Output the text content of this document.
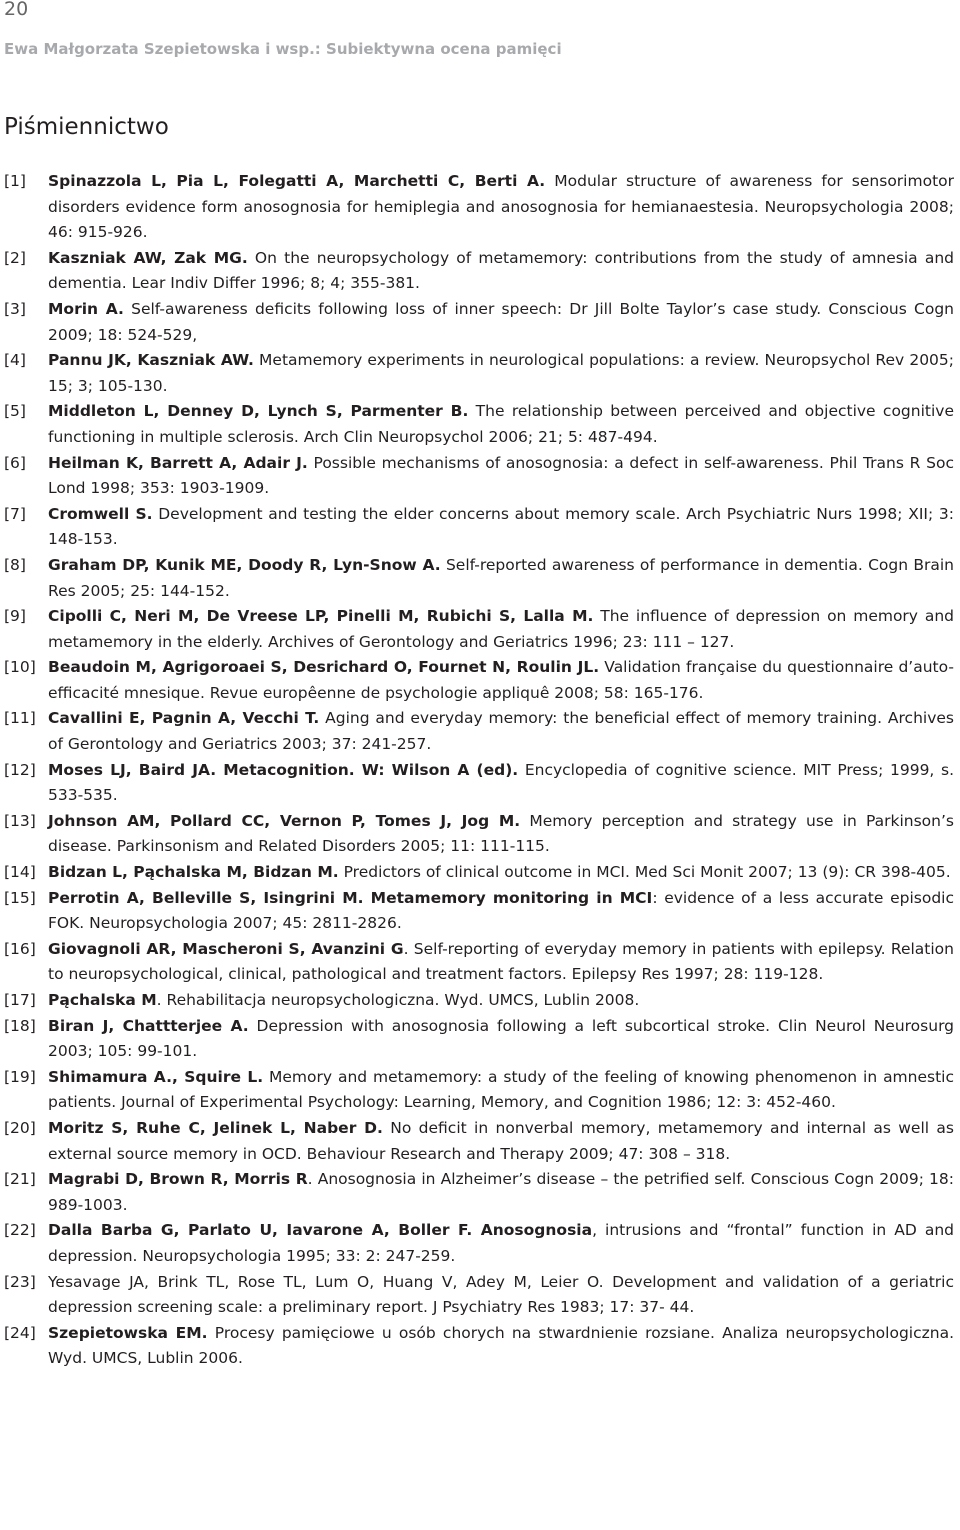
20
Ewa Małgorzata Szepietowska i wsp.: Subiektywna ocena pamięci
Piśmiennictwo
[1] Spinazzola L, Pia L, Folegatti A, Marchetti C, Berti A. Modular structure of awareness for sensorimotor disorders evidence form anosognosia for hemiplegia and anosognosia for hemianaestesia. Neuropsychologia 2008; 46: 915-926.
[2] Kaszniak AW, Zak MG. On the neuropsychology of metamemory: contributions from the study of amnesia and dementia. Lear Indiv Differ 1996; 8; 4; 355-381.
[3] Morin A. Self-awareness deficits following loss of inner speech: Dr Jill Bolte Taylor’s case study. Conscious Cogn 2009; 18: 524-529,
[4] Pannu JK, Kaszniak AW. Metamemory experiments in neurological populations: a review. Neuropsychol Rev 2005; 15; 3; 105-130.
[5] Middleton L, Denney D, Lynch S, Parmenter B. The relationship between perceived and objective cognitive functioning in multiple sclerosis. Arch Clin Neuropsychol 2006; 21; 5: 487-494.
[6] Heilman K, Barrett A, Adair J. Possible mechanisms of anosognosia: a defect in self-awareness. Phil Trans R Soc Lond 1998; 353: 1903-1909.
[7] Cromwell S. Development and testing the elder concerns about memory scale. Arch Psychiatric Nurs 1998; XII; 3: 148-153.
[8] Graham DP, Kunik ME, Doody R, Lyn-Snow A. Self-reported awareness of performance in dementia. Cogn Brain Res 2005; 25: 144-152.
[9] Cipolli C, Neri M, De Vreese LP, Pinelli M, Rubichi S, Lalla M. The influence of depression on memory and metamemory in the elderly. Archives of Gerontology and Geriatrics 1996; 23: 111 – 127.
[10] Beaudoin M, Agrigoroaei S, Desrichard O, Fournet N, Roulin JL. Validation française du questionnaire d’auto-efficacité mnesique. Revue europêenne de psychologie appliquê 2008; 58: 165-176.
[11] Cavallini E, Pagnin A, Vecchi T. Aging and everyday memory: the beneficial effect of memory training. Archives of Gerontology and Geriatrics 2003; 37: 241-257.
[12] Moses LJ, Baird JA. Metacognition. W: Wilson A (ed). Encyclopedia of cognitive science. MIT Press; 1999, s. 533-535.
[13] Johnson AM, Pollard CC, Vernon P, Tomes J, Jog M. Memory perception and strategy use in Parkinson’s disease. Parkinsonism and Related Disorders 2005; 11: 111-115.
[14] Bidzan L, Pąchalska M, Bidzan M. Predictors of clinical outcome in MCI. Med Sci Monit 2007; 13 (9): CR 398-405.
[15] Perrotin A, Belleville S, Isingrini M. Metamemory monitoring in MCI: evidence of a less accurate episodic FOK. Neuropsychologia 2007; 45: 2811-2826.
[16] Giovagnoli AR, Mascheroni S, Avanzini G. Self-reporting of everyday memory in patients with epilepsy. Relation to neuropsychological, clinical, pathological and treatment factors. Epilepsy Res 1997; 28: 119-128.
[17] Pąchalska M. Rehabilitacja neuropsychologiczna. Wyd. UMCS, Lublin 2008.
[18] Biran J, Chattterjee A. Depression with anosognosia following a left subcortical stroke. Clin Neurol Neurosurg 2003; 105: 99-101.
[19] Shimamura A., Squire L. Memory and metamemory: a study of the feeling of knowing phenomenon in amnestic patients. Journal of Experimental Psychology: Learning, Memory, and Cognition 1986; 12: 3: 452-460.
[20] Moritz S, Ruhe C, Jelinek L, Naber D. No deficit in nonverbal memory, metamemory and internal as well as external source memory in OCD. Behaviour Research and Therapy 2009; 47: 308 – 318.
[21] Magrabi D, Brown R, Morris R. Anosognosia in Alzheimer’s disease – the petrified self. Conscious Cogn 2009; 18: 989-1003.
[22] Dalla Barba G, Parlato U, Iavarone A, Boller F. Anosognosia, intrusions and “frontal” function in AD and depression. Neuropsychologia 1995; 33: 2: 247-259.
[23] Yesavage JA, Brink TL, Rose TL, Lum O, Huang V, Adey M, Leier O. Development and validation of a geriatric depression screening scale: a preliminary report. J Psychiatry Res 1983; 17: 37- 44.
[24] Szepietowska EM. Procesy pamięciowe u osób chorych na stwardnienie rozsiane. Analiza neuropsychologiczna. Wyd. UMCS, Lublin 2006.
